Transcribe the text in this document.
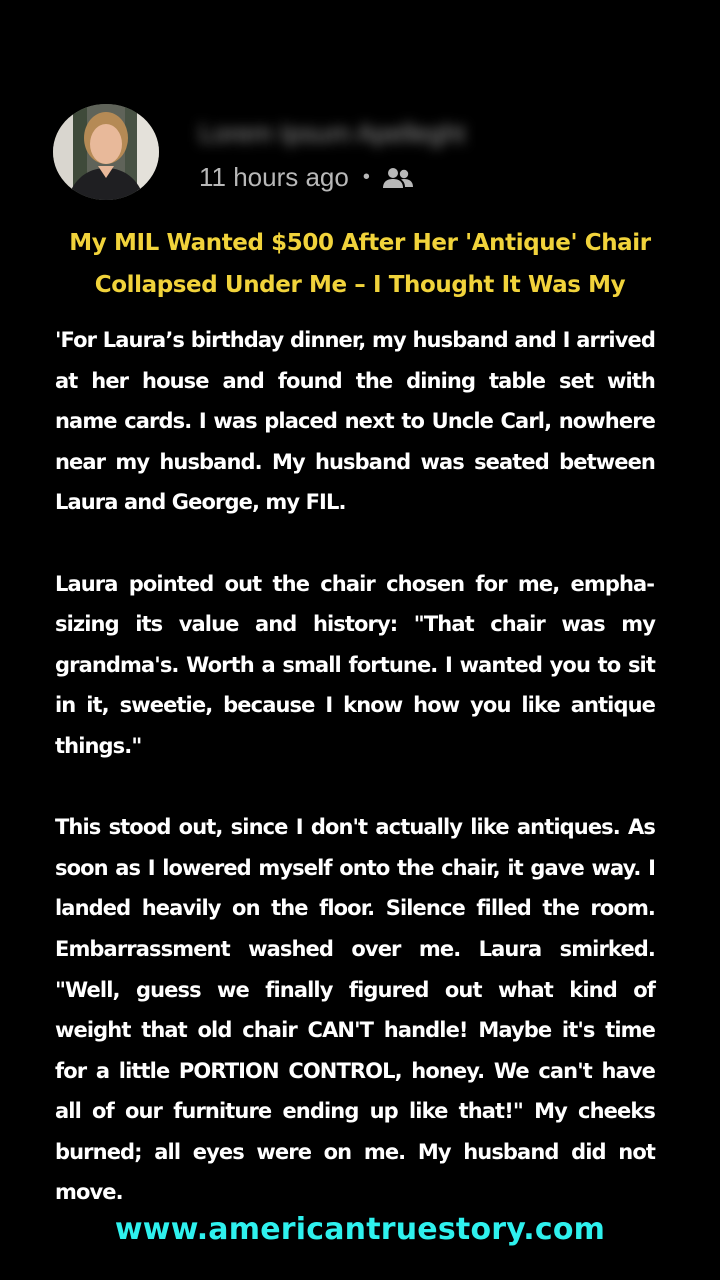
Lorem Ipsum Apelleght
11 hours ago •
My MIL Wanted $500 After Her 'Antique' Chair Collapsed Under Me – I Thought It Was My

'For Laura’s birthday dinner, my husband and I arrived at her house and found the dining table set with name cards. I was placed next to Uncle Carl, nowhere near my husband. My husband was seated between Laura and George, my FIL.

Laura pointed out the chair chosen for me, emphasizing its value and history: "That chair was my grandma's. Worth a small fortune. I wanted you to sit in it, sweetie, because I know how you like antique things."

This stood out, since I don't actually like antiques. As soon as I lowered myself onto the chair, it gave way. I landed heavily on the floor. Silence filled the room. Embarrassment washed over me. Laura smirked. "Well, guess we finally figured out what kind of weight that old chair CAN'T handle! Maybe it's time for a little PORTION CONTROL, honey. We can't have all of our furniture ending up like that!" My cheeks burned; all eyes were on me. My husband did not move.

www.americantruestory.com
